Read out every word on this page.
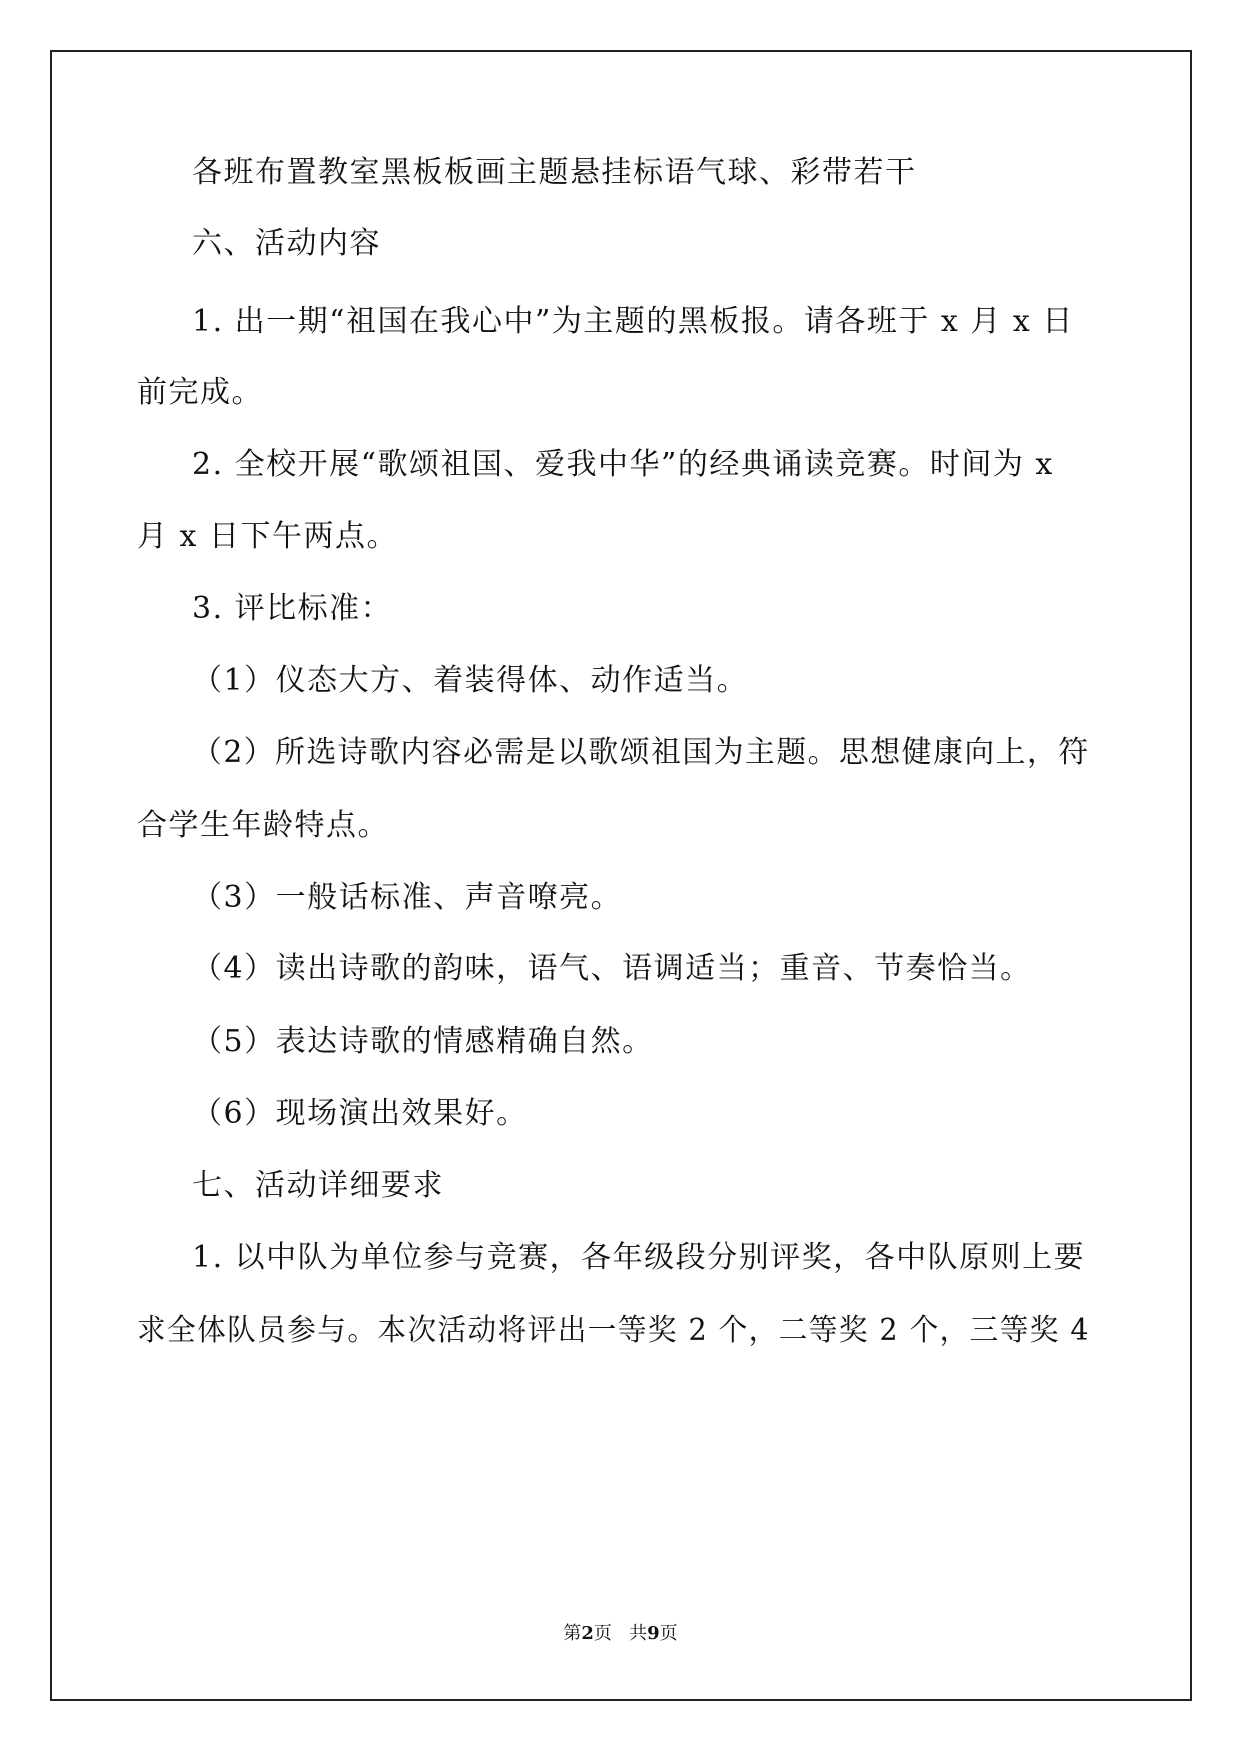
各班布置教室黑板板画主题悬挂标语气球、彩带若干
六、活动内容
1. 出一期“祖国在我心中”为主题的黑板报。请各班于 x 月 x 日
前完成。
2. 全校开展“歌颂祖国、爱我中华”的经典诵读竞赛。时间为 x
月 x 日下午两点。
3. 评比标准：
（1）仪态大方、着装得体、动作适当。
（2）所选诗歌内容必需是以歌颂祖国为主题。思想健康向上，符
合学生年龄特点。
（3）一般话标准、声音嘹亮。
（4）读出诗歌的韵味，语气、语调适当；重音、节奏恰当。
（5）表达诗歌的情感精确自然。
（6）现场演出效果好。
七、活动详细要求
1. 以中队为单位参与竞赛，各年级段分别评奖，各中队原则上要
求全体队员参与。本次活动将评出一等奖 2 个，二等奖 2 个，三等奖 4
第2页 共9页
